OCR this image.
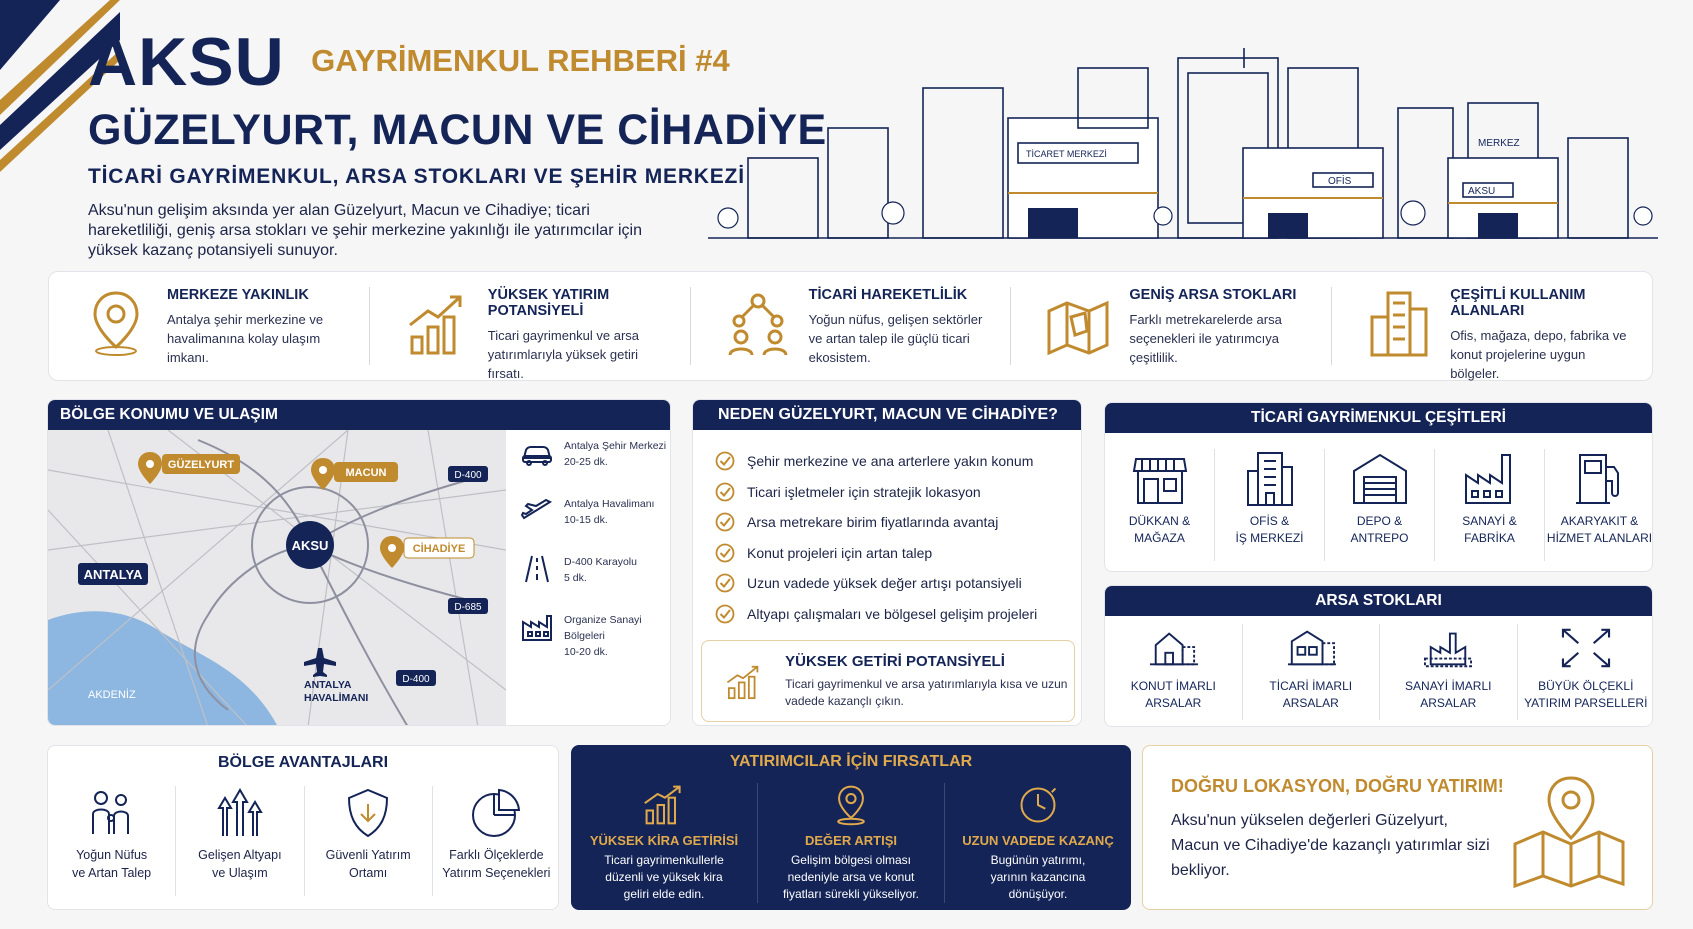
AKSU GAYRİMENKUL REHBERİ #4
GÜZELYURT, MACUN VE CİHADİYE
TİCARİ GAYRİMENKUL, ARSA STOKLARI VE ŞEHİR MERKEZİ
Aksu'nun gelişim aksında yer alan Güzelyurt, Macun ve Cihadiye; ticari hareketliliği, geniş arsa stokları ve şehir merkezine yakınlığı ile yatırımcılar için yüksek kazanç potansiyeli sunuyor.
TİCARET MERKEZİ
OFİS
MERKEZ
AKSU
MERKEZE YAKINLIK

Antalya şehir merkezine ve havalimanına kolay ulaşım imkanı.

YÜKSEK YATIRIM POTANSİYELİ

Ticari gayrimenkul ve arsa yatırımlarıyla yüksek getiri fırsatı.

TİCARİ HAREKETLİLİK

Yoğun nüfus, gelişen sektörler ve artan talep ile güçlü ticari ekosistem.

GENİŞ ARSA STOKLARI

Farklı metrekarelerde arsa seçenekleri ile yatırımcıya çeşitlilik.

ÇEŞİTLİ KULLANIM ALANLARI

Ofis, mağaza, depo, fabrika ve konut projelerine uygun bölgeler.

BÖLGE KONUMU VE ULAŞIM
AKSU
GÜZELYURT
MACUN
CİHADİYE
ANTALYA
AKDENİZ
D-400
D-685
D-400
ANTALYA
HAVALİMANI
Antalya Şehir Merkezi
20-25 dk.
Antalya Havalimanı
10-15 dk.
D-400 Karayolu
5 dk.
Organize Sanayi Bölgeleri
10-20 dk.
NEDEN GÜZELYURT, MACUN VE CİHADİYE?
Şehir merkezine ve ana arterlere yakın konum
Ticari işletmeler için stratejik lokasyon
Arsa metrekare birim fiyatlarında avantaj
Konut projeleri için artan talep
Uzun vadede yüksek değer artışı potansiyeli
Altyapı çalışmaları ve bölgesel gelişim projeleri
YÜKSEK GETİRİ POTANSİYELİ

Ticari gayrimenkul ve arsa yatırımlarıyla kısa ve uzun vadede kazançlı çıkın.

TİCARİ GAYRİMENKUL ÇEŞİTLERİ
DÜKKAN &
MAĞAZA
OFİS &
İŞ MERKEZİ
DEPO &
ANTREPO
SANAYİ &
FABRİKA
AKARYAKIT &
HİZMET ALANLARI
ARSA STOKLARI
KONUT İMARLI
ARSALAR
TİCARİ İMARLI
ARSALAR
SANAYİ İMARLI
ARSALAR
BÜYÜK ÖLÇEKLİ
YATIRIM PARSELLERİ
BÖLGE AVANTAJLARI
Yoğun Nüfus
ve Artan Talep
Gelişen Altyapı
ve Ulaşım
Güvenli Yatırım
Ortamı
Farklı Ölçeklerde
Yatırım Seçenekleri
YATIRIMCILAR İÇİN FIRSATLAR
YÜKSEK KİRA GETİRİSİ
Ticari gayrimenkullerle
düzenli ve yüksek kira
geliri elde edin.
DEĞER ARTIŞI
Gelişim bölgesi olması
nedeniyle arsa ve konut
fiyatları sürekli yükseliyor.
UZUN VADEDE KAZANÇ
Bugünün yatırımı,
yarının kazancına
dönüşüyor.
DOĞRU LOKASYON, DOĞRU YATIRIM!
Aksu'nun yükselen değerleri Güzelyurt, Macun ve Cihadiye'de kazançlı yatırımlar sizi bekliyor.
